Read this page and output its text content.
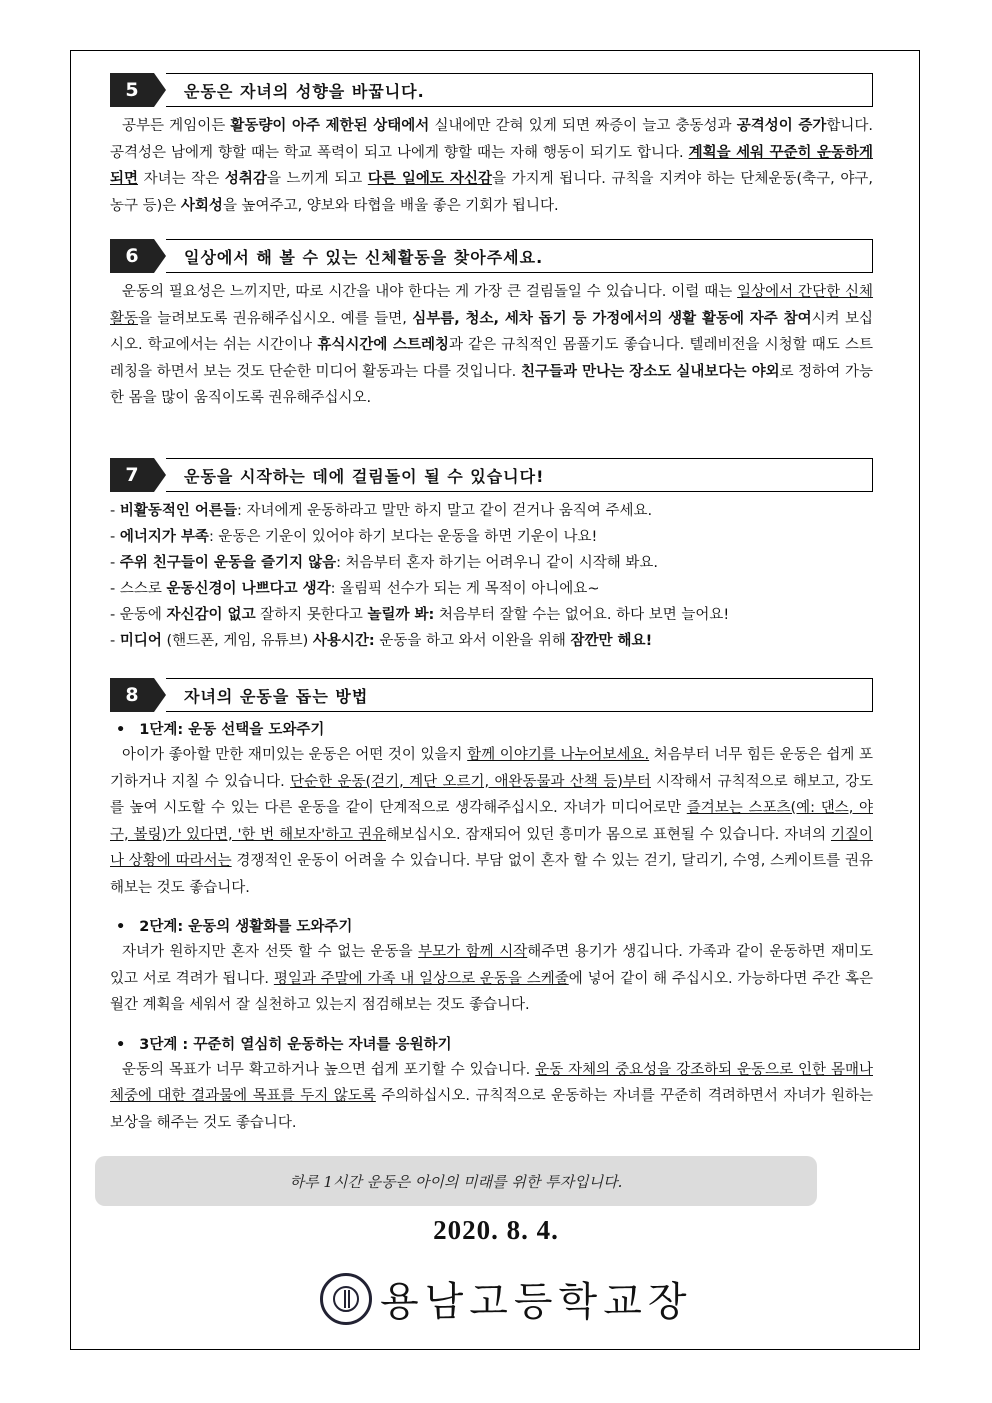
5	운동은 자녀의 성향을 바꿉니다.

공부든 게임이든 활동량이 아주 제한된 상태에서 실내에만 갇혀 있게 되면 짜증이 늘고 충동성과 공격성이 증가합니다. 공격성은 남에게 향할 때는 학교 폭력이 되고 나에게 향할 때는 자해 행동이 되기도 합니다. 계획을 세워 꾸준히 운동하게 되면 자녀는 작은 성취감을 느끼게 되고 다른 일에도 자신감을 가지게 됩니다. 규칙을 지켜야 하는 단체운동(축구, 야구, 농구 등)은 사회성을 높여주고, 양보와 타협을 배울 좋은 기회가 됩니다.

6	일상에서 해 볼 수 있는 신체활동을 찾아주세요.

운동의 필요성은 느끼지만, 따로 시간을 내야 한다는 게 가장 큰 걸림돌일 수 있습니다. 이럴 때는 일상에서 간단한 신체활동을 늘려보도록 권유해주십시오. 예를 들면, 심부름, 청소, 세차 돕기 등 가정에서의 생활 활동에 자주 참여시켜 보십시오. 학교에서는 쉬는 시간이나 휴식시간에 스트레칭과 같은 규칙적인 몸풀기도 좋습니다. 텔레비전을 시청할 때도 스트레칭을 하면서 보는 것도 단순한 미디어 활동과는 다를 것입니다. 친구들과 만나는 장소도 실내보다는 야외로 정하여 가능한 몸을 많이 움직이도록 권유해주십시오.

7	운동을 시작하는 데에 걸림돌이 될 수 있습니다!
- 비활동적인 어른들: 자녀에게 운동하라고 말만 하지 말고 같이 걷거나 움직여 주세요.
- 에너지가 부족: 운동은 기운이 있어야 하기 보다는 운동을 하면 기운이 나요!
- 주위 친구들이 운동을 즐기지 않음: 처음부터 혼자 하기는 어려우니 같이 시작해 봐요.
- 스스로 운동신경이 나쁘다고 생각: 올림픽 선수가 되는 게 목적이 아니에요~
- 운동에 자신감이 없고 잘하지 못한다고 놀릴까 봐: 처음부터 잘할 수는 없어요. 하다 보면 늘어요!
- 미디어 (핸드폰, 게임, 유튜브) 사용시간: 운동을 하고 와서 이완을 위해 잠깐만 해요!
8	자녀의 운동을 돕는 방법
• 1단계: 운동 선택을 도와주기

아이가 좋아할 만한 재미있는 운동은 어떤 것이 있을지 함께 이야기를 나누어보세요. 처음부터 너무 힘든 운동은 쉽게 포기하거나 지칠 수 있습니다. 단순한 운동(걷기, 계단 오르기, 애완동물과 산책 등)부터 시작해서 규칙적으로 해보고, 강도를 높여 시도할 수 있는 다른 운동을 같이 단계적으로 생각해주십시오. 자녀가 미디어로만 즐겨보는 스포츠(예: 댄스, 야구, 볼링)가 있다면, '한 번 해보자'하고 권유해보십시오. 잠재되어 있던 흥미가 몸으로 표현될 수 있습니다. 자녀의 기질이나 상황에 따라서는 경쟁적인 운동이 어려울 수 있습니다. 부담 없이 혼자 할 수 있는 걷기, 달리기, 수영, 스케이트를 권유해보는 것도 좋습니다.

• 2단계: 운동의 생활화를 도와주기

자녀가 원하지만 혼자 선뜻 할 수 없는 운동을 부모가 함께 시작해주면 용기가 생깁니다. 가족과 같이 운동하면 재미도 있고 서로 격려가 됩니다. 평일과 주말에 가족 내 일상으로 운동을 스케줄에 넣어 같이 해 주십시오. 가능하다면 주간 혹은 월간 계획을 세워서 잘 실천하고 있는지 점검해보는 것도 좋습니다.

• 3단계 : 꾸준히 열심히 운동하는 자녀를 응원하기

운동의 목표가 너무 확고하거나 높으면 쉽게 포기할 수 있습니다. 운동 자체의 중요성을 강조하되 운동으로 인한 몸매나 체중에 대한 결과물에 목표를 두지 않도록 주의하십시오. 규칙적으로 운동하는 자녀를 꾸준히 격려하면서 자녀가 원하는 보상을 해주는 것도 좋습니다.

하루 1시간 운동은 아이의 미래를 위한 투자입니다.
2020. 8. 4.
용남고등학교장
